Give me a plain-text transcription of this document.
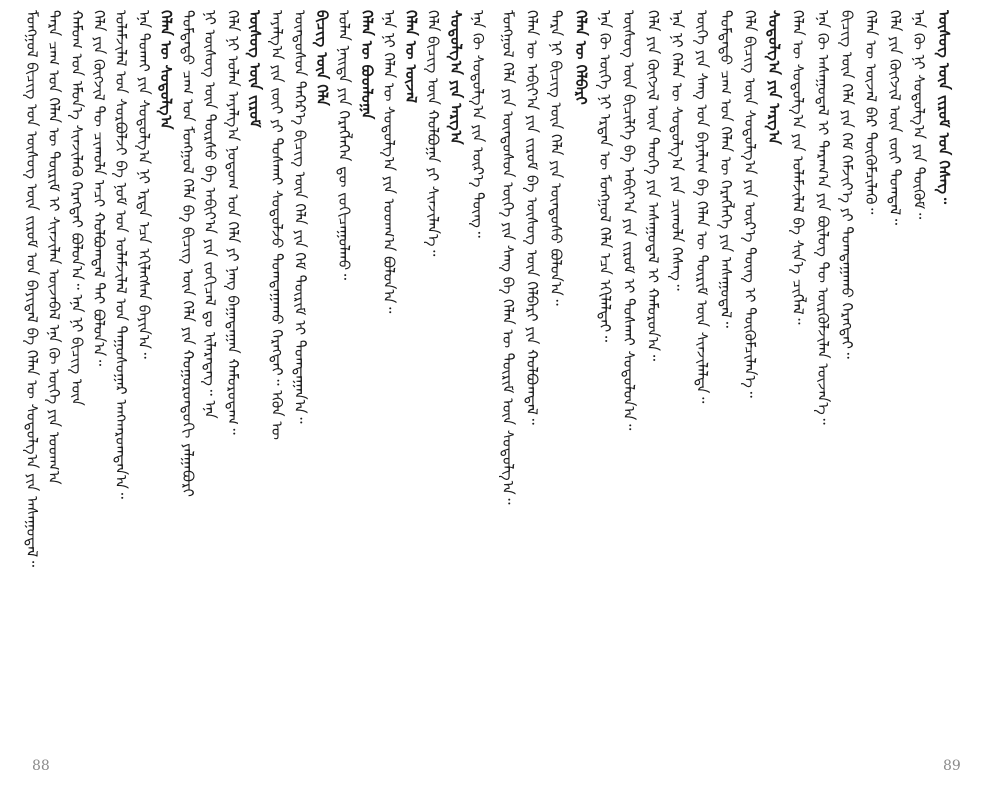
ᠮᠣᠩᠭᠣᠯ ᠪᠢᠴᠢᠭ ᠤᠨ ᠦᠰᠦᠭ ᠦᠨ ᠵᠢᠷᠤᠮ ᠤᠨ ᠪᠠᠶᠢᠳᠠᠯ ᠪᠠ ᠬᠡᠯᠡᠨ ᠦ ᠰᠤᠳᠤᠯᠭ᠎ᠠ ᠶᠢᠨ ᠠᠰᠠᠭᠤᠳᠠᠯ᠃ ᠲᠡᠷᠡ ᠴᠠᠭ ᠤᠨ ᠬᠡᠯᠡᠨ ᠦ ᠳᠦᠷᠢᠮ ᠢ ᠰᠢᠨᠵᠢᠯᠡᠨ ᠦᠵᠡᠪᠡᠯ ᠡᠨᠡ ᠬᠦ ᠦᠭᠡ ᠶᠢᠨ ᠤᠳᠬ᠎ᠠ ᠬᠠᠮᠤᠭ ᠤᠨ ᠡᠮᠦᠨ᠎ᠡ ᠰᠢᠨᠵᠢᠯᠡᠬᠦ ᠬᠡᠷᠡᠭᠲᠡᠢ ᠪᠣᠯᠤᠨ᠎ᠠ᠃ ᠡᠨᠡ ᠨᠢ ᠪᠢᠴᠢᠭ ᠦᠨ ᠬᠡᠯᠡ ᠶᠢᠨ ᠬᠦᠭᠵᠢᠯ ᠲᠦ ᠴᠢᠬᠤᠯᠠ ᠠᠴᠢ ᠬᠣᠯᠪᠣᠭᠳᠠᠯ ᠲᠠᠶ ᠪᠣᠯᠤᠨ᠎ᠠ᠃ ᠤᠯᠠᠮᠵᠢᠯᠠᠯ ᠤᠨ ᠰᠤᠷᠪᠤᠯᠵᠢ ᠪᠠ ᠨᠣᠮ ᠤᠨ ᠤᠯᠠᠮᠵᠢᠯᠠᠯ ᠤᠨ ᠳᠠᠭᠤᠰᠤᠭᠠᠷ ᠠᠩᠬᠠᠷᠤᠭᠳᠠᠨ᠎ᠠ᠃ ᠡᠨᠡ ᠲᠤᠬᠠᠢ ᠶᠢᠨ ᠰᠤᠳᠤᠯᠭ᠎ᠠ ᠨᠢ ᠡᠷᠲᠡ ᠡᠴᠡ ᠡᠬᠢᠯᠡᠭᠰᠡᠨ ᠪᠠᠶᠢᠨ᠎ᠠ᠃ ᠬᠡᠯᠡᠨ ᠦ ᠰᠤᠳᠤᠯᠭ᠎ᠠ ᠳᠤᠮᠳᠠᠳᠤ ᠴᠠᠭ ᠤᠨ ᠮᠣᠩᠭᠣᠯ ᠬᠡᠯᠡ ᠪᠠ ᠪᠢᠴᠢᠭ ᠦᠨ ᠬᠡᠯᠡ ᠶᠢᠨ ᠬᠣᠭᠣᠷᠣᠨᠳᠣᠬᠢ ᠶᠠᠯᠭᠠᠪᠤᠷᠢ ᠨᠢ ᠦᠰᠦᠭ ᠦᠨ ᠳᠦᠷᠰᠦ ᠪᠠ ᠠᠪᠢᠶ᠎ᠠ ᠶᠢᠨ ᠵᠣᠬᠢᠴᠠᠯ ᠳᠤ ᠢᠯᠡᠷᠡᠳᠡᠭ᠃ ᠡᠨᠡ ᠬᠡᠯᠡ ᠨᠢ ᠣᠯᠠᠨ ᠠᠶᠠᠯᠭ᠎ᠠ ᠨᠤᠲᠤᠭ ᠤᠨ ᠬᠡᠯᠡ ᠶᠢ ᠨᠡᠩ ᠪᠠᠭᠠᠳᠠᠭᠠᠨ ᠬᠠᠮᠤᠷᠤᠳᠠᠭ᠃ ᠦᠰᠦᠭ ᠦᠨ ᠵᠢᠷᠤᠮ ᠠᠶᠠᠯᠭ᠎ᠠ ᠶᠢᠨ ᠵᠦᠢ ᠶᠢ ᠲᠤᠰᠬᠠᠢ ᠰᠤᠳᠤᠯᠵᠤ ᠲᠣᠭᠲᠠᠭᠠᠬᠤ ᠬᠡᠷᠡᠭᠲᠡᠢ᠃ ᠡᠭᠦᠨ ᠦ ᠦᠨᠳᠦᠰᠦᠨ ᠳᠡᠭᠡᠷ᠎ᠡ ᠪᠢᠴᠢᠭ ᠦᠨ ᠬᠡᠯᠡ ᠶᠢᠨ ᠬᠡᠮ ᠳᠦᠷᠢᠮ ᠢ ᠲᠣᠭᠲᠠᠭᠠᠨ᠎ᠠ᠃ ᠪᠢᠴᠢᠭ ᠦᠨ ᠬᠡᠯᠡ ᠣᠯᠠᠨ ᠨᠡᠢᠲᠡ ᠶᠢᠨ ᠬᠡᠷᠡᠭᠯᠡᠭᠡᠨ ᠳᠦ ᠵᠣᠬᠢᠴᠠᠭᠤᠯᠬᠤ᠃ ᠬᠡᠯᠡᠨ ᠦ ᠪᠣᠳᠯᠤᠭᠠ ᠡᠨᠡ ᠨᠢ ᠬᠡᠯᠡᠨ ᠦ ᠰᠤᠳᠤᠯᠭ᠎ᠠ ᠶᠢᠨ ᠤᠳᠬ᠎ᠠ ᠪᠣᠯᠤᠨ᠎ᠠ᠃ ᠬᠡᠯᠡᠨ ᠦ ᠦᠵᠡᠯ ᠬᠡᠯᠡ ᠪᠢᠴᠢᠭ ᠦᠨ ᠬᠣᠯᠪᠣᠭᠠ ᠶᠢ ᠰᠢᠨᠵᠢᠯᠡᠨ᠎ᠡ᠃ ᠰᠤᠳᠤᠯᠭ᠎ᠠ ᠶᠢᠨ ᠠᠷᠭ᠎ᠠ ᠡᠨᠡ ᠬᠦ ᠰᠤᠳᠤᠯᠭ᠎ᠠ ᠶᠢᠨ ᠦᠷ᠎ᠡ ᠳᠦᠩ᠃
88
ᠮᠣᠩᠭᠣᠯ ᠬᠡᠯᠡ ᠶᠢᠨ ᠦᠨᠳᠦᠰᠦᠨ ᠦᠭᠡ ᠶᠢᠨ ᠰᠠᠩ ᠪᠠ ᠬᠡᠯᠡᠨ ᠦ ᠳᠦᠷᠢᠮ ᠦᠨ ᠰᠤᠳᠤᠯᠭ᠎ᠠ᠃ ᠬᠡᠯᠡᠨ ᠦ ᠠᠪᠢᠶ᠎ᠠ ᠶᠢᠨ ᠵᠢᠷᠤᠮ ᠪᠠ ᠦᠰᠦᠭ ᠦᠨ ᠬᠡᠯᠪᠡᠷᠢ ᠶᠢᠨ ᠬᠣᠯᠪᠣᠭᠳᠠᠯ᠃ ᠲᠡᠷᠡ ᠨᠢ ᠪᠢᠴᠢᠭ ᠦᠨ ᠬᠡᠯᠡ ᠶᠢᠨ ᠦᠨᠳᠦᠰᠦ ᠪᠣᠯᠤᠨ᠎ᠠ᠃ ᠬᠡᠯᠡᠨ ᠦ ᠬᠡᠯᠪᠡᠷᠢ ᠡᠨᠡ ᠬᠦ ᠦᠭᠡ ᠨᠢ ᠡᠷᠲᠡᠨ ᠦ ᠮᠣᠩᠭᠣᠯ ᠬᠡᠯᠡ ᠡᠴᠡ ᠡᠬᠢᠯᠡᠯᠲᠡᠢ᠃ ᠦᠰᠦᠭ ᠦᠨ ᠪᠢᠴᠢᠯᠭᠡ ᠪᠠ ᠠᠪᠢᠶ᠎ᠠ ᠶᠢᠨ ᠵᠢᠷᠤᠮ ᠢ ᠲᠤᠰᠬᠠᠢ ᠰᠤᠳᠤᠯᠤᠨ᠎ᠠ᠃ ᠬᠡᠯᠡ ᠶᠢᠨ ᠬᠦᠭᠵᠢᠯ ᠦᠨ ᠲᠡᠦᠬᠡ ᠶᠢᠨ ᠠᠰᠠᠭᠤᠳᠠᠯ ᠢ ᠬᠠᠮᠤᠷᠤᠨ᠎ᠠ᠃ ᠡᠨᠡ ᠨᠢ ᠬᠡᠯᠡᠨ ᠦ ᠰᠤᠳᠤᠯᠭ᠎ᠠ ᠶᠢᠨ ᠴᠢᠬᠤᠯᠠ ᠬᠡᠰᠡᠭ᠃ ᠦᠭᠡ ᠶᠢᠨ ᠰᠠᠩ ᠤᠨ ᠪᠠᠶᠠᠯᠢᠭ ᠪᠠ ᠬᠡᠯᠡᠨ ᠦ ᠳᠦᠷᠢᠮ ᠦᠨ ᠰᠢᠨᠵᠢᠯᠡᠯᠲᠡ᠃ ᠳᠤᠮᠳᠠᠳᠤ ᠴᠠᠭ ᠤᠨ ᠬᠡᠯᠡᠨ ᠦ ᠬᠡᠷᠡᠭᠯᠡᠭᠡ ᠶᠢᠨ ᠠᠰᠠᠭᠤᠳᠠᠯ᠃ ᠬᠡᠯᠡ ᠪᠢᠴᠢᠭ ᠦᠨ ᠰᠤᠳᠤᠯᠭ᠎ᠠ ᠶᠢᠨ ᠦᠷ᠎ᠡ ᠳᠦᠩ ᠢ ᠳᠦᠭᠦᠮᠴᠢᠯᠡᠨ᠎ᠡ᠃ ᠰᠤᠳᠤᠯᠭ᠎ᠠ ᠶᠢᠨ ᠠᠷᠭ᠎ᠠ ᠬᠡᠯᠡᠨ ᠦ ᠰᠤᠳᠤᠯᠭ᠎ᠠ ᠶᠢᠨ ᠤᠯᠠᠮᠵᠢᠯᠠᠯ ᠪᠠ ᠰᠢᠨ᠎ᠡ ᠴᠢᠭᠯᠡᠯ᠃ ᠡᠨᠡ ᠬᠦ ᠠᠰᠠᠭᠤᠳᠠᠯ ᠢ ᠳᠠᠷᠠᠭ᠎ᠠ ᠶᠢᠨ ᠪᠦᠯᠦᠭ ᠲᠦ ᠦᠷᠭᠦᠯᠵᠢᠯᠡᠨ ᠦᠵᠡᠨ᠎ᠡ᠃ ᠪᠢᠴᠢᠭ ᠦᠨ ᠬᠡᠯᠡ ᠶᠢᠨ ᠬᠡᠮ ᠬᠡᠮᠵᠢᠶ᠎ᠡ ᠶᠢ ᠲᠣᠭᠲᠠᠭᠠᠬᠤ ᠬᠡᠷᠡᠭᠲᠡᠢ᠃ ᠬᠡᠯᠡᠨ ᠦ ᠦᠵᠡᠯ ᠪᠠᠷ ᠳᠦᠭᠦᠮᠴᠢᠯᠡᠬᠦ᠃ ᠬᠡᠯᠡ ᠶᠢᠨ ᠬᠦᠭᠵᠢᠯ ᠦᠨ ᠵᠦᠢ ᠲᠣᠭᠲᠠᠯ᠃ ᠡᠨᠡ ᠬᠦ ᠨᠢ ᠰᠤᠳᠤᠯᠭ᠎ᠠ ᠶᠢᠨ ᠳᠦᠭᠦᠮ᠃ ᠦᠰᠦᠭ ᠦᠨ ᠵᠢᠷᠤᠮ ᠤᠨ ᠬᠡᠰᠡᠭ᠃
89
